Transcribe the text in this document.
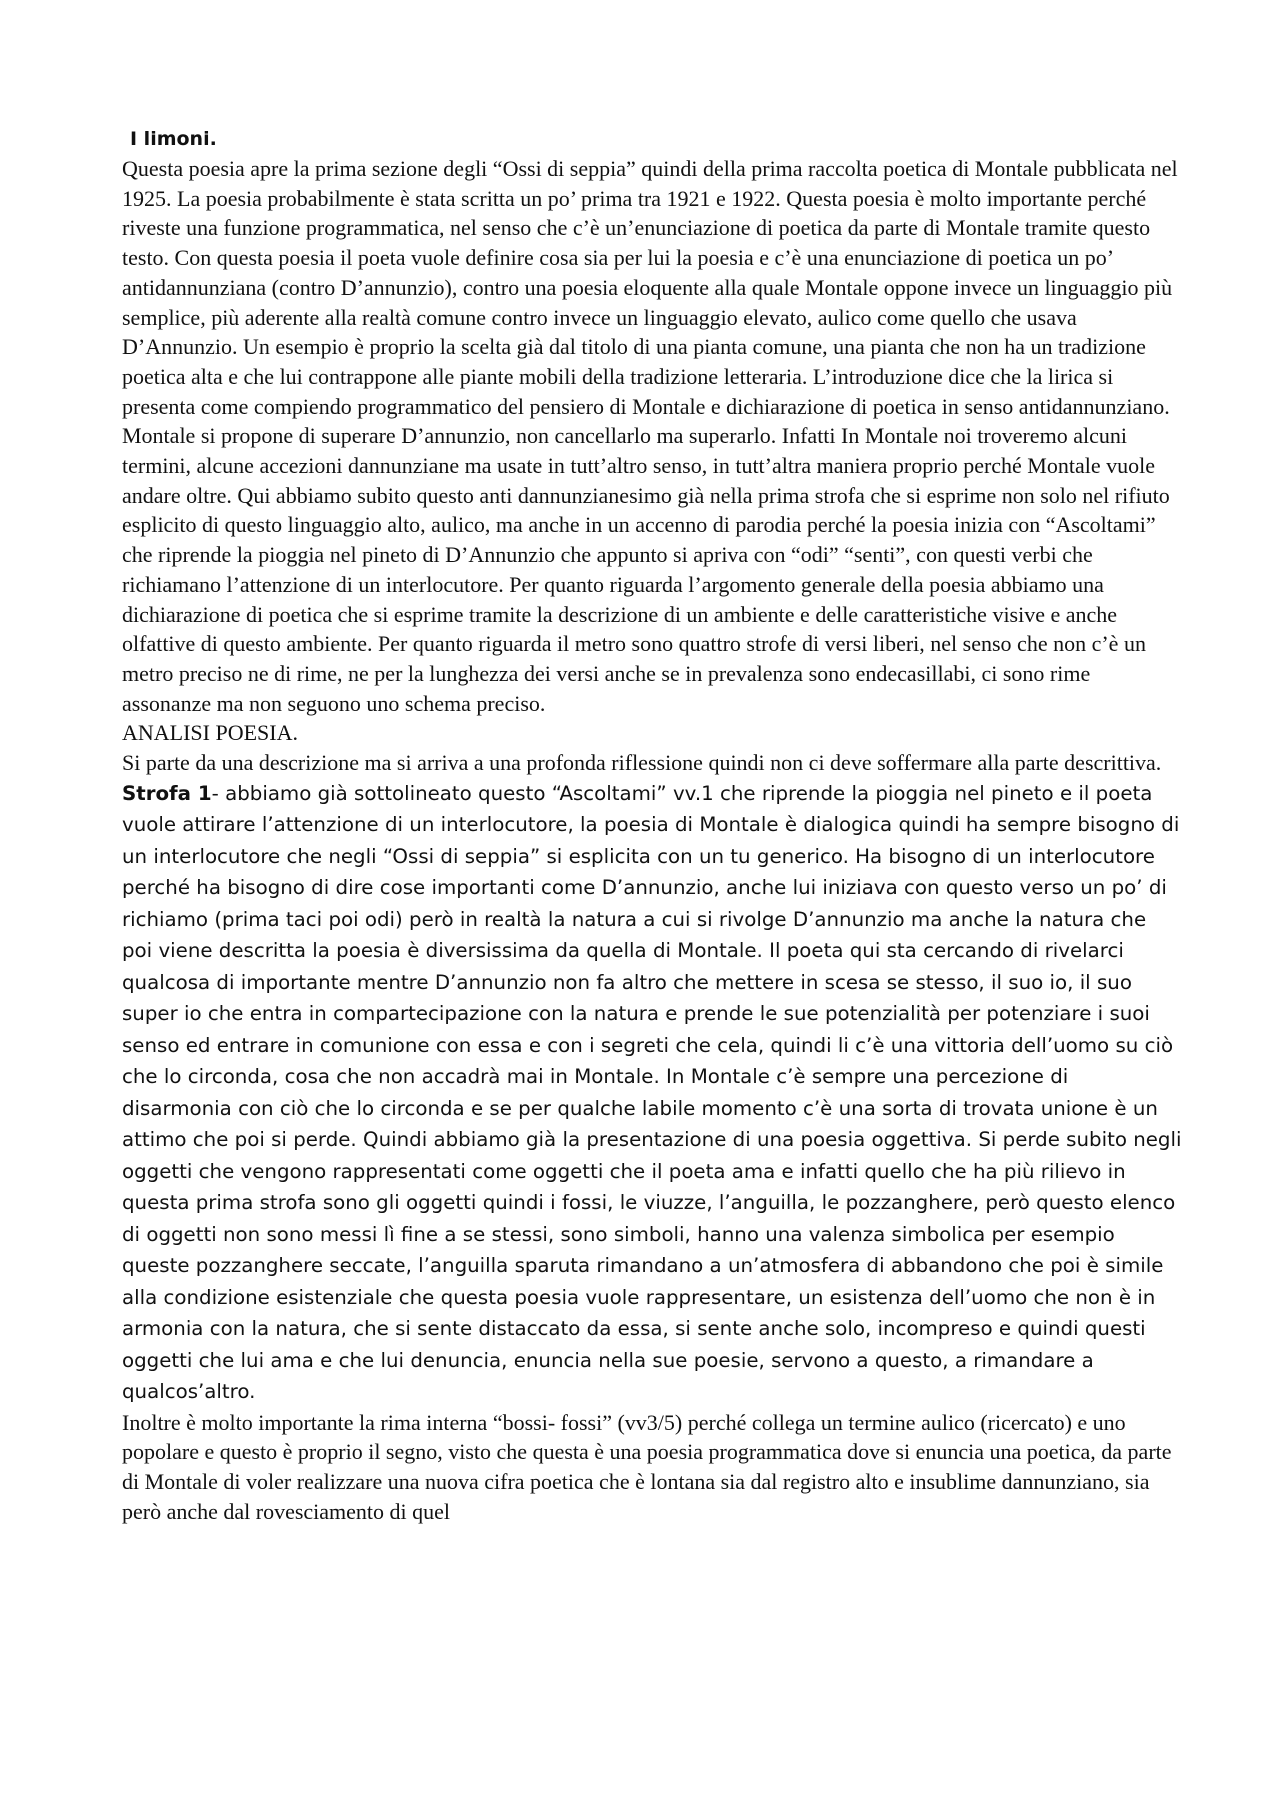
I limoni.

Questa poesia apre la prima sezione degli “Ossi di seppia” quindi della prima raccolta poetica di Montale pubblicata nel 1925. La poesia probabilmente è stata scritta un po’ prima tra 1921 e 1922. Questa poesia è molto importante perché riveste una funzione programmatica, nel senso che c’è un’enunciazione di poetica da parte di Montale tramite questo testo. Con questa poesia il poeta vuole definire cosa sia per lui la poesia e c’è una enunciazione di poetica un po’ antidannunziana (contro D’annunzio), contro una poesia eloquente alla quale Montale oppone invece un linguaggio più semplice, più aderente alla realtà comune contro invece un linguaggio elevato, aulico come quello che usava D’Annunzio. Un esempio è proprio la scelta già dal titolo di una pianta comune, una pianta che non ha un tradizione poetica alta e che lui contrappone alle piante mobili della tradizione letteraria. L’introduzione dice che la lirica si presenta come compiendo programmatico del pensiero di Montale e dichiarazione di poetica in senso antidannunziano. Montale si propone di superare D’annunzio, non cancellarlo ma superarlo. Infatti In Montale noi troveremo alcuni termini, alcune accezioni dannunziane ma usate in tutt’altro senso, in tutt’altra maniera proprio perché Montale vuole andare oltre. Qui abbiamo subito questo anti dannunzianesimo già nella prima strofa che si esprime non solo nel rifiuto esplicito di questo linguaggio alto, aulico, ma anche in un accenno di parodia perché la poesia inizia con “Ascoltami” che riprende la pioggia nel pineto di D’Annunzio che appunto si apriva con “odi” “senti”, con questi verbi che richiamano l’attenzione di un interlocutore. Per quanto riguarda l’argomento generale della poesia abbiamo una dichiarazione di poetica che si esprime tramite la descrizione di un ambiente e delle caratteristiche visive e anche olfattive di questo ambiente. Per quanto riguarda il metro sono quattro strofe di versi liberi, nel senso che non c’è un metro preciso ne di rime, ne per la lunghezza dei versi anche se in prevalenza sono endecasillabi, ci sono rime assonanze ma non seguono uno schema preciso.

ANALISI POESIA.

Si parte da una descrizione ma si arriva a una profonda riflessione quindi non ci deve soffermare alla parte descrittiva.

Strofa 1- abbiamo già sottolineato questo “Ascoltami” vv.1 che riprende la pioggia nel pineto e il poeta vuole attirare l’attenzione di un interlocutore, la poesia di Montale è dialogica quindi ha sempre bisogno di un interlocutore che negli “Ossi di seppia” si esplicita con un tu generico. Ha bisogno di un interlocutore perché ha bisogno di dire cose importanti come D’annunzio, anche lui iniziava con questo verso un po’ di richiamo (prima taci poi odi) però in realtà la natura a cui si rivolge D’annunzio ma anche la natura che poi viene descritta la poesia è diversissima da quella di Montale. Il poeta qui sta cercando di rivelarci qualcosa di importante mentre D’annunzio non fa altro che mettere in scesa se stesso, il suo io, il suo super io che entra in compartecipazione con la natura e prende le sue potenzialità per potenziare i suoi senso ed entrare in comunione con essa e con i segreti che cela, quindi li c’è una vittoria dell’uomo su ciò che lo circonda, cosa che non accadrà mai in Montale. In Montale c’è sempre una percezione di disarmonia con ciò che lo circonda e se per qualche labile momento c’è una sorta di trovata unione è un attimo che poi si perde. Quindi abbiamo già la presentazione di una poesia oggettiva. Si perde subito negli oggetti che vengono rappresentati come oggetti che il poeta ama e infatti quello che ha più rilievo in questa prima strofa sono gli oggetti quindi i fossi, le viuzze, l’anguilla, le pozzanghere, però questo elenco di oggetti non sono messi lì fine a se stessi, sono simboli, hanno una valenza simbolica per esempio queste pozzanghere seccate, l’anguilla sparuta rimandano a un’atmosfera di abbandono che poi è simile alla condizione esistenziale che questa poesia vuole rappresentare, un esistenza dell’uomo che non è in armonia con la natura, che si sente distaccato da essa, si sente anche solo, incompreso e quindi questi oggetti che lui ama e che lui denuncia, enuncia nella sue poesie, servono a questo, a rimandare a qualcos’altro.

Inoltre è molto importante la rima interna “bossi- fossi” (vv3/5) perché collega un termine aulico (ricercato) e uno popolare e questo è proprio il segno, visto che questa è una poesia programmatica dove si enuncia una poetica, da parte di Montale di voler realizzare una nuova cifra poetica che è lontana sia dal registro alto e insublime dannunziano, sia però anche dal rovesciamento di quel
